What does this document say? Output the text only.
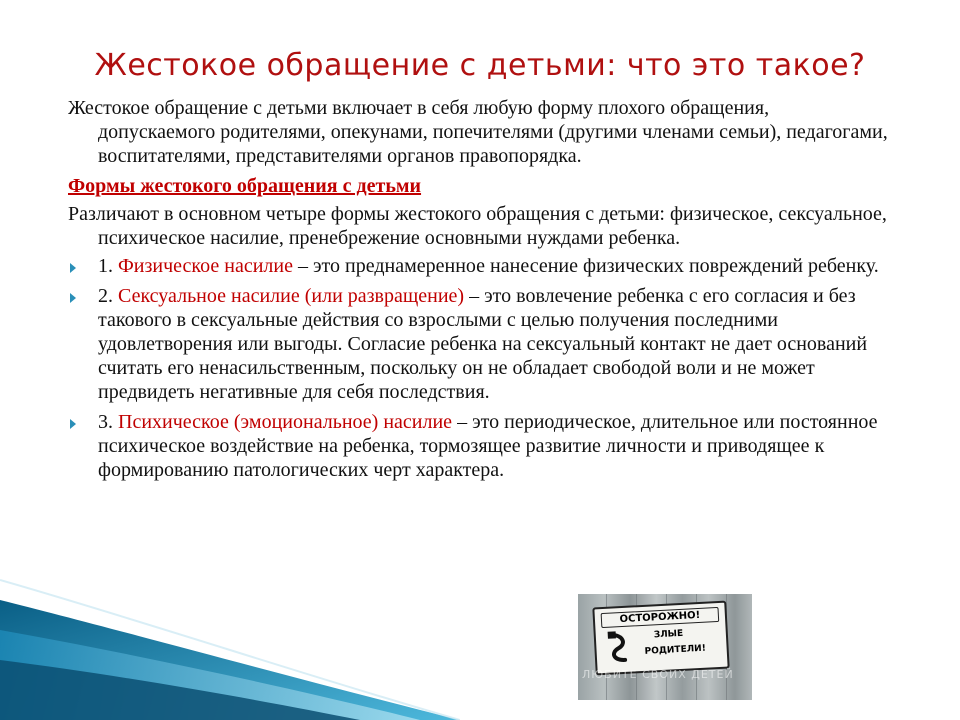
Жестокое обращение с детьми: что это такое?

Жестокое обращение с детьми включает в себя любую форму плохого обращения, допускаемого родителями, опекунами, попечителями (другими членами семьи), педагогами, воспитателями, представителями органов правопорядка.

Формы жестокого обращения с детьми

Различают в основном четыре формы жестокого обращения с детьми: физическое, сексуальное, психическое насилие, пренебрежение основными нуждами ребенка.

1. Физическое насилие – это преднамеренное нанесение физических повреждений ребенку.
2. Сексуальное насилие (или развращение) – это вовлечение ребенка с его согласия и без такового в сексуальные действия со взрослыми с целью получения последними удовлетворения или выгоды. Согласие ребенка на сексуальный контакт не дает оснований считать его ненасильственным, поскольку он не обладает свободой воли и не может предвидеть негативные для себя последствия.
3. Психическое (эмоциональное) насилие – это периодическое, длительное или постоянное психическое воздействие на ребенка, тормозящее развитие личности и приводящее к формированию патологических черт характера.
ОСТОРОЖНО!
ЗЛЫЕ
РОДИТЕЛИ!
ЛЮБИТЕ СВОИХ ДЕТЕЙ
